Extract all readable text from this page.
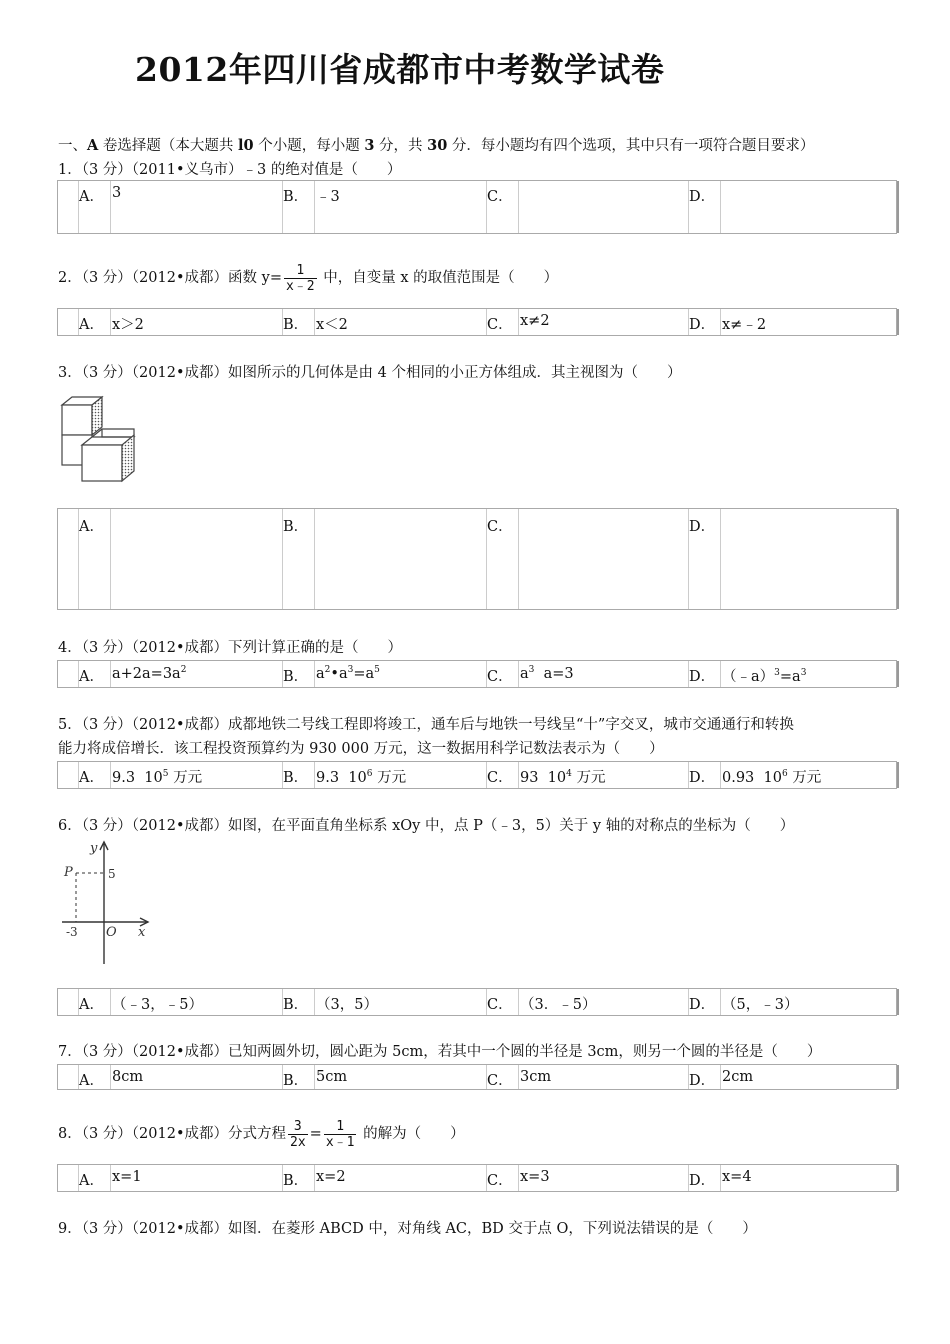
2012年四川省成都市中考数学试卷
一、A 卷选择题（本大题共 l0 个小题，每小题 3 分，共 30 分．每小题均有四个选项，其中只有一项符合题目要求）
1．（3 分）（2011•义乌市）﹣3 的绝对值是（　　）
A． 3	B． ﹣3	C．	D．
2．（3 分）（2012•成都）函数 $y= \frac{1}{x﹣2}$ 中，自变量 x 的取值范围是（　　）
A． x＞2	B． x＜2	C． x≠2	D． x≠﹣2
3．（3 分）（2012•成都）如图所示的几何体是由 4 个相同的小正方体组成．其主视图为（　　）
A．	B．	C．	D．
4．（3 分）（2012•成都）下列计算正确的是（　　）
A． $a+2a=3a^2$	B． $a^2•a^3=a^5$	C． $a^3$  a=3	D． $(﹣a)^3=a^3$
5．（3 分）（2012•成都）成都地铁二号线工程即将竣工，通车后与地铁一号线呈“十”字交叉，城市交通通行和转换
能力将成倍增长．该工程投资预算约为 930 000 万元，这一数据用科学记数法表示为（　　）
A． 9.3  $10^5$ 万元	B． 9.3  $10^6$ 万元	C． 93  $10^4$ 万元	D． 0.93  $10^6$ 万元
6．（3 分）（2012•成都）如图，在平面直角坐标系 xOy 中，点 P（﹣3，5）关于 y 轴的对称点的坐标为（　　）
y
x
O
P	5
-3
A． （﹣3，﹣5）	B． （3，5）	C． （3．﹣5）	D． （5，﹣3）
7．（3 分）（2012•成都）已知两圆外切，圆心距为 5cm，若其中一个圆的半径是 3cm，则另一个圆的半径是（　　）
A． 8cm	B． 5cm	C． 3cm	D． 2cm
8．（3 分）（2012•成都）分式方程 $\frac{3}{2x} = \frac{1}{x﹣1}$ 的解为（　　）
A． x=1	B． x=2	C． x=3	D． x=4
9．（3 分）（2012•成都）如图．在菱形 ABCD 中，对角线 AC，BD 交于点 O，下列说法错误的是（　　）
